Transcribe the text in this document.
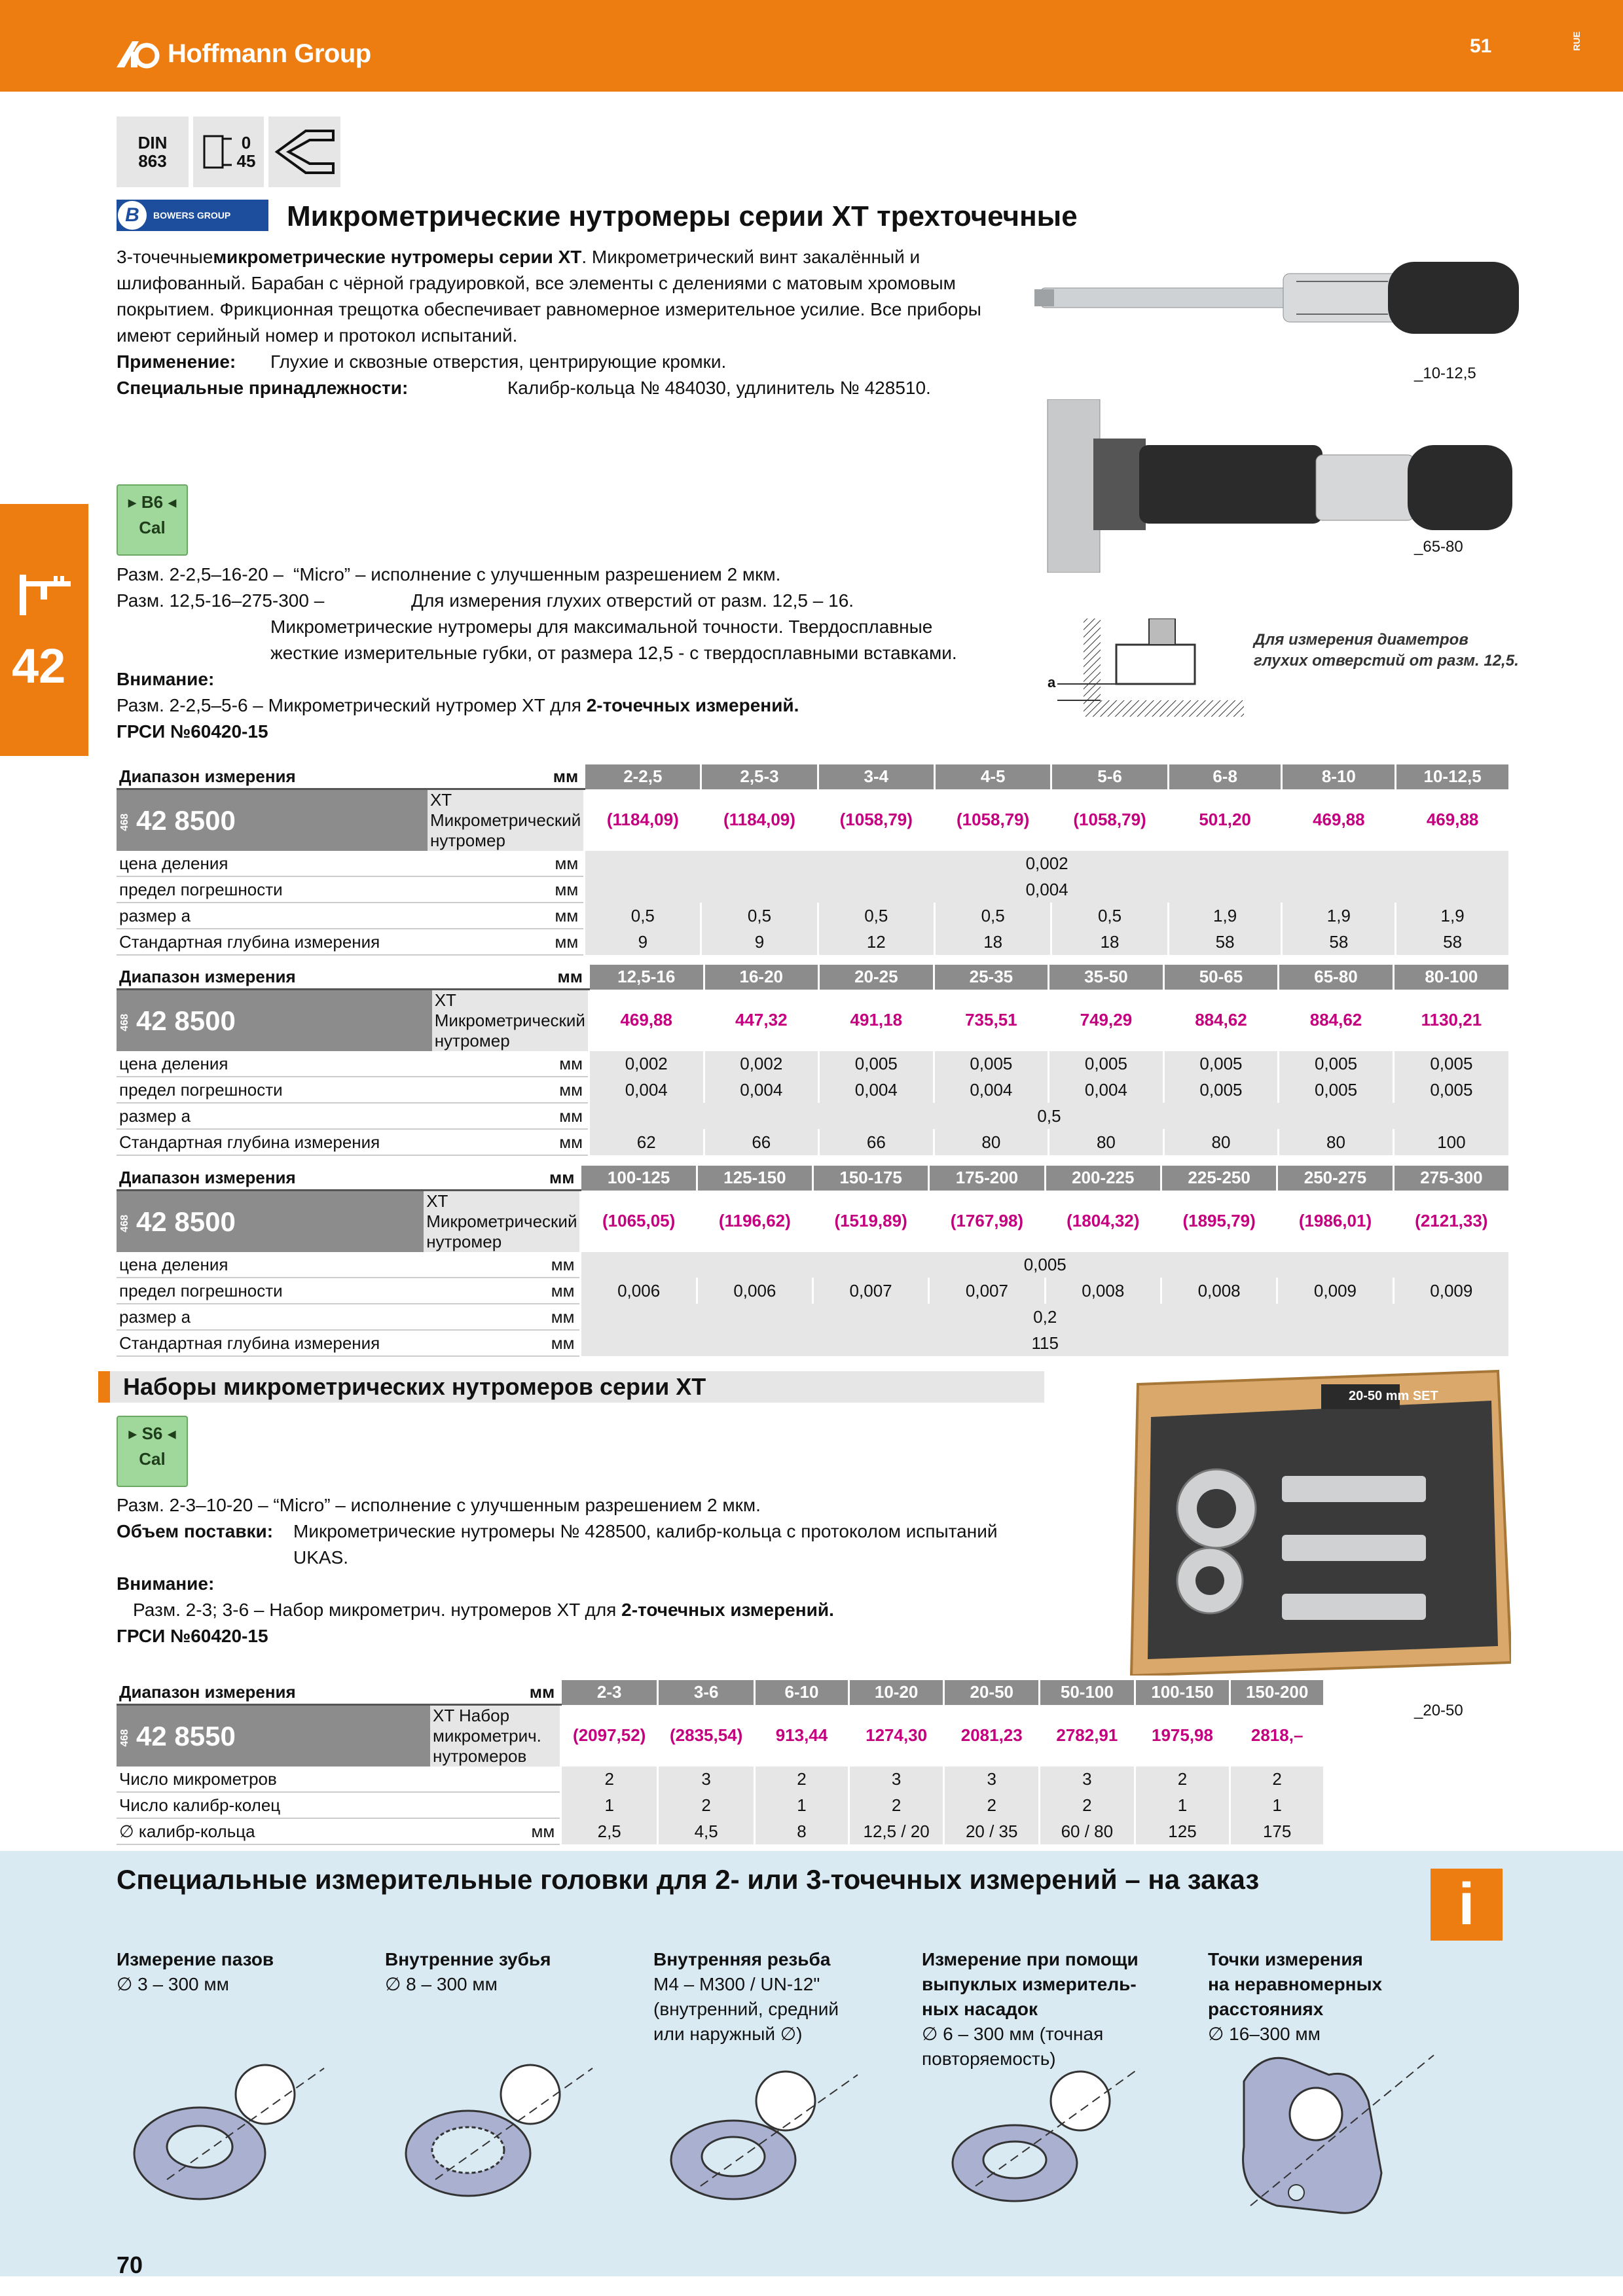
Hoffmann Group	51	RUE
42
DIN
863
0
45
B	BOWERS GROUP Микрометрические нутромеры серии XT трехточечные
3-точечныемикрометрические нутромеры серии XT. Микрометрический винт закалённый и
шлифованный. Барабан с чёрной градуировкой, все элементы с делениями с матовым хромовым
покрытием. Фрикционная трещотка обеспечивает равномерное измерительное усилие. Все приборы
имеют серийный номер и протокол испытаний.
Применение: Глухие и сквозные отверстия, центрирующие кромки.
Специальные принадлежности:	Калибр-кольца № 484030, удлинитель № 428510.
_10-12,5
_65-80
▸ B6 ◂
Cal
Разм. 2-2,5–16-20 – “Micro” – исполнение с улучшенным разрешением 2 мкм.
Разм. 12,5-16–275-300 –	Для измерения глухих отверстий от разм. 12,5 – 16.
Микрометрические нутромеры для максимальной точности. Твердосплавные
жесткие измерительные губки, от размера 12,5 - с твердосплавными вставками.
Внимание:
Разм. 2-2,5–5-6 – Микрометрический нутромер XT для 2-точечных измерений.
ГРСИ №60420-15
a
Для измерения диаметров
глухих отверстий от разм. 12,5.
Диапазон измерения	мм	2-2,5	2,5-3	3-4	4-5	5-6	6-8	8-10	10-12,5
468 42 8500	XT Микрометрический нутромер	(1184,09)	(1184,09)	(1058,79)	(1058,79)	(1058,79)	501,20	469,88	469,88
цена деления	мм	0,002							
предел погрешности	мм	0,004							
размер a	мм	0,5	0,5	0,5	0,5	0,5	1,9	1,9	1,9
Стандартная глубина измерения	мм	9	9	12	18	18	58	58	58
Диапазон измерения	мм	12,5-16	16-20	20-25	25-35	35-50	50-65	65-80	80-100
468 42 8500	XT Микрометрический нутромер	469,88	447,32	491,18	735,51	749,29	884,62	884,62	1130,21
цена деления	мм	0,002	0,002	0,005	0,005	0,005	0,005	0,005	0,005
предел погрешности	мм	0,004	0,004	0,004	0,004	0,004	0,005	0,005	0,005
размер a	мм	0,5							
Стандартная глубина измерения	мм	62	66	66	80	80	80	80	100
Диапазон измерения	мм	100-125	125-150	150-175	175-200	200-225	225-250	250-275	275-300
468 42 8500	XT Микрометрический нутромер	(1065,05)	(1196,62)	(1519,89)	(1767,98)	(1804,32)	(1895,79)	(1986,01)	(2121,33)
цена деления	мм	0,005							
предел погрешности	мм	0,006	0,006	0,007	0,007	0,008	0,008	0,009	0,009
размер a	мм	0,2							
Стандартная глубина измерения	мм	115							
Наборы микрометрических нутромеров серии XT
▸ S6 ◂
Cal
Разм. 2-3–10-20 – “Micro” – исполнение с улучшенным разрешением 2 мкм.
Объем поставки: Микрометрические нутромеры № 428500, калибр-кольца с протоколом испытаний
UKAS.
Внимание:
Разм. 2-3; 3-6 – Набор микрометрич. нутромеров XT для 2-точечных измерений.
ГРСИ №60420-15
20-50 mm SET
_20-50
Диапазон измерения	мм	2-3	3-6	6-10	10-20	20-50	50-100	100-150	150-200
468 42 8550	XT Набор микрометрич. нутромеров	(2097,52)	(2835,54)	913,44	1274,30	2081,23	2782,91	1975,98	2818,–
Число микрометров		2	3	2	3	3	3	2	2
Число калибр-колец		1	2	1	2	2	2	1	1
∅ калибр-кольца	мм	2,5	4,5	8	12,5 / 20	20 / 35	60 / 80	125	175
Специальные измерительные головки для 2- или 3-точечных измерений – на заказ	i
Измерение пазов
∅ 3 – 300 мм
Внутренние зубья
∅ 8 – 300 мм
Внутренняя резьба
M4 – M300 / UN-12"
(внутренний, средний
или наружный ∅)
Измерение при помощи
выпуклых измеритель-
ных насадок
∅ 6 – 300 мм (точная
повторяемость)
Точки измерения
на неравномерных
расстояниях
∅ 16–300 мм
70
